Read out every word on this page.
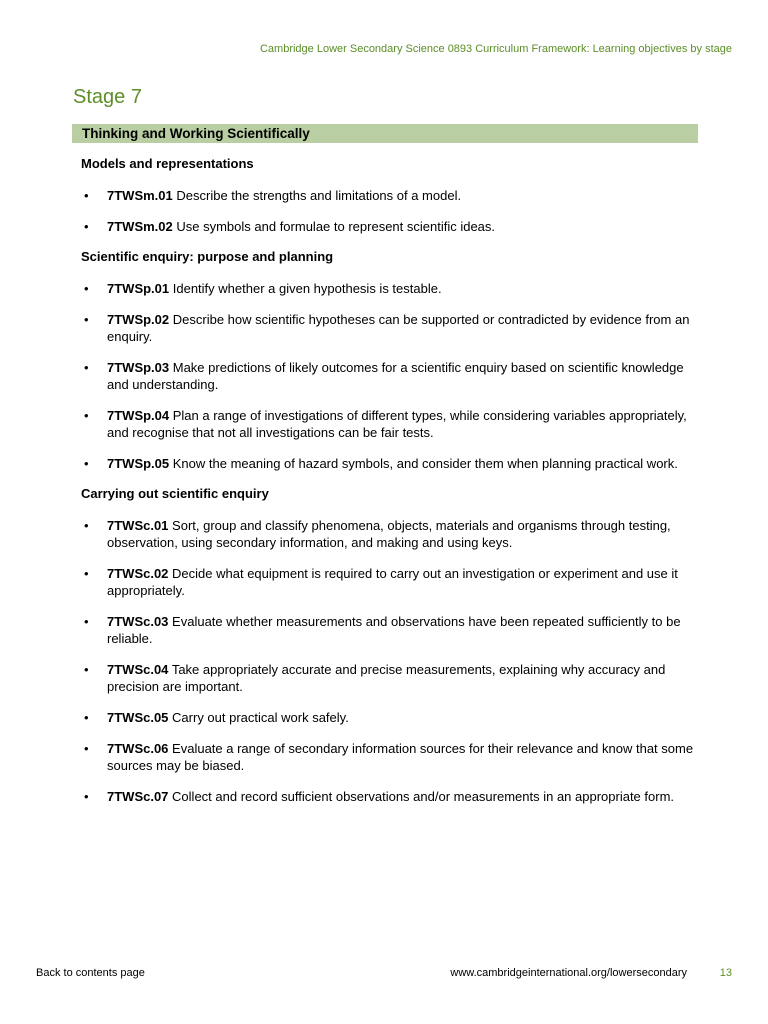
Cambridge Lower Secondary Science 0893 Curriculum Framework: Learning objectives by stage
Stage 7
Thinking and Working Scientifically
Models and representations
• 7TWSm.01 Describe the strengths and limitations of a model.
• 7TWSm.02 Use symbols and formulae to represent scientific ideas.
Scientific enquiry: purpose and planning
• 7TWSp.01 Identify whether a given hypothesis is testable.
• 7TWSp.02 Describe how scientific hypotheses can be supported or contradicted by evidence from an enquiry.
• 7TWSp.03 Make predictions of likely outcomes for a scientific enquiry based on scientific knowledge and understanding.
• 7TWSp.04 Plan a range of investigations of different types, while considering variables appropriately, and recognise that not all investigations can be fair tests.
• 7TWSp.05 Know the meaning of hazard symbols, and consider them when planning practical work.
Carrying out scientific enquiry
• 7TWSc.01 Sort, group and classify phenomena, objects, materials and organisms through testing, observation, using secondary information, and making and using keys.
• 7TWSc.02 Decide what equipment is required to carry out an investigation or experiment and use it appropriately.
• 7TWSc.03 Evaluate whether measurements and observations have been repeated sufficiently to be reliable.
• 7TWSc.04 Take appropriately accurate and precise measurements, explaining why accuracy and precision are important.
• 7TWSc.05 Carry out practical work safely.
• 7TWSc.06 Evaluate a range of secondary information sources for their relevance and know that some sources may be biased.
• 7TWSc.07 Collect and record sufficient observations and/or measurements in an appropriate form.
Back to contents page	www.cambridgeinternational.org/lowersecondary	13
